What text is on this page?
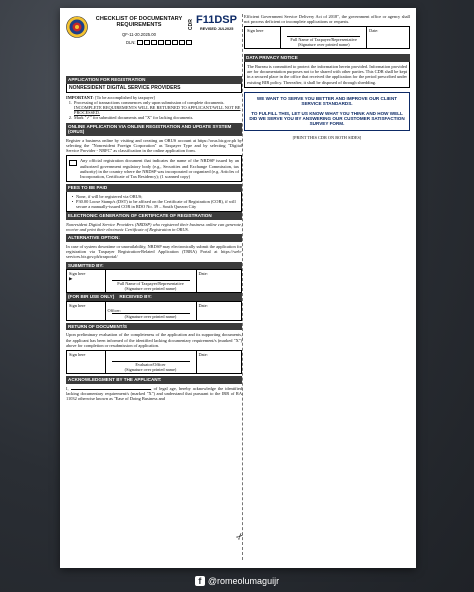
CHECKLIST OF DOCUMENTARY
REQUIREMENTS
QF-11-20.2025.00
CDR F11DSP
REVISED JUL2025
DLN:
APPLICATION FOR REGISTRATION
NONRESIDENT DIGITAL SERVICE PROVIDERS
IMPORTANT: [To be accomplished by taxpayer]
1. Processing of transactions commences only upon submission of complete documents. INCOMPLETE REQUIREMENTS WILL BE RETURNED TO APPLICANT/WILL NOT BE PROCESSED.
2. Mark "✓" for submitted documents and "X" for lacking documents.
ONLINE APPLICATION VIA ONLINE REGISTRATION AND UPDATE SYSTEM (ORUS)
Register a business online by visiting and creating an ORUS account at https://orus.bir.gov.ph by selecting the "Nonresident Foreign Corporation" as Taxpayer Type and by selecting "Digital Service Provider - NRFC" as classification in the online application form.
Any official registration document that indicates the name of the NRDSP issued by an authorized government regulatory body (e.g., Securities and Exchange Commission, tax authority) in the country where the NRDSP was incorporated or organized (e.g. Articles of Incorporation, Certificate of Tax Residency); (1 scanned copy)
FEES TO BE PAID
• None, if will be registered via ORUS;
• P30.00 Loose Stamp/s (DST) to be affixed on the Certificate of Registration (COR), if will secure a manually-issued COR in RDO No. 39 – South Quezon City
ELECTRONIC GENERATION OF CERTIFICATE OF REGISTRATION
Nonresident Digital Service Providers (NRDSP) who registered their business online can generate, receive and print their electronic Certificate of Registration in ORUS.
ALTERNATIVE OPTION:
In case of system downtime or unavailability, NRDSP may electronically submit the application for registration via Taxpayer Registration-Related Application (TRRA) Portal at https://web-services.bir.gov.ph/trraportal/
SUBMITTED BY:
Sign here
▶	
Full Name of Taxpayer/Representative
(Signature over printed name)
	Date:
(FOR BIR USE ONLY) RECEIVED BY:
Sign here	
Officer:
(Signature over printed name)
	Date:
RETURN OF DOCUMENT/S
Upon preliminary evaluation of the completeness of the application and its supporting documents, the applicant has been informed of the identified lacking documentary requirement/s (marked "X") above for completion or resubmission of application.
Sign here	
Evaluator/Officer
(Signature over printed name)
	Date:
ACKNOWLEDGMENT BY THE APPLICANT:
I,	, of legal age, hereby acknowledge the identified lacking documentary requirement/s (marked "X") and understand that pursuant to the IRR of RA 11032 otherwise known as "Ease of Doing Business and
Efficient Government Service Delivery Act of 2018", the government office or agency shall not process deficient or incomplete applications or requests.
Sign here	
Full Name of Taxpayer/Representative
(Signature over printed name)
	Date:
DATA PRIVACY NOTICE
The Bureau is committed to protect the information herein provided. Information provided are for documentation purposes not to be shared with other parties. This CDR shall be kept in a secured place in the office that received the application for the period prescribed under existing BIR policy. Thereafter, it shall be disposed of through shredding.
WE WANT TO SERVE YOU BETTER AND IMPROVE OUR CLIENT SERVICE STANDARDS.
TO FULFILL THIS, LET US KNOW WHAT YOU THINK AND HOW WELL DID WE SERVE YOU BY ANSWERING OUR CUSTOMER SATISFACTION SURVEY FORM.
[PRINT THIS CDR ON BOTH SIDES]
✂
f @romeolumaguijr
